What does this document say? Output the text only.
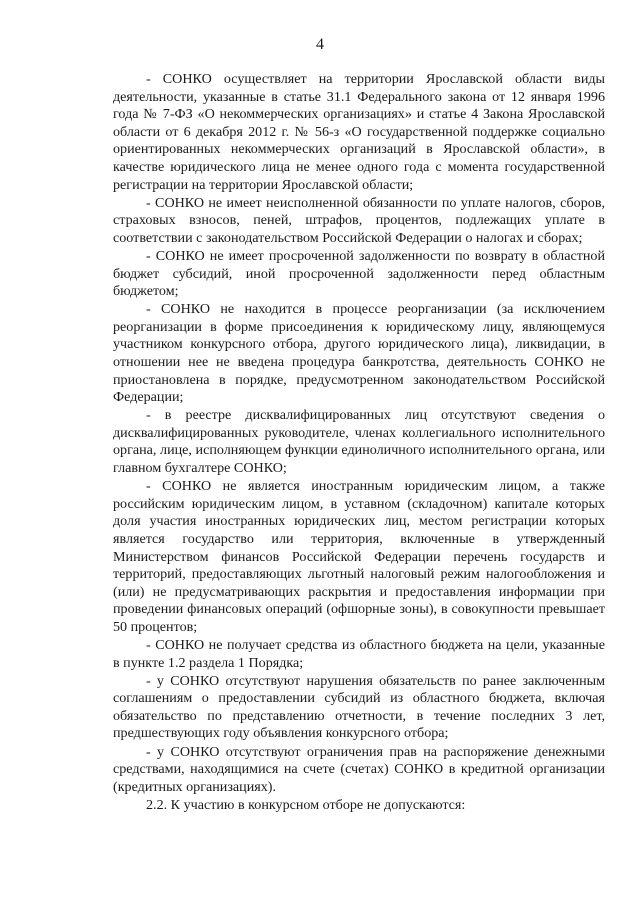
4

- СОНКО осуществляет на территории Ярославской области виды деятельности, указанные в статье 31.1 Федерального закона от 12 января 1996 года № 7-ФЗ «О некоммерческих организациях» и статье 4 Закона Ярославской области от 6 декабря 2012 г. № 56-з «О государственной поддержке социально ориентированных некоммерческих организаций в Ярославской области», в качестве юридического лица не менее одного года с момента государственной регистрации на территории Ярославской области;

- СОНКО не имеет неисполненной обязанности по уплате налогов, сборов, страховых взносов, пеней, штрафов, процентов, подлежащих уплате в соответствии с законодательством Российской Федерации о налогах и сборах;

- СОНКО не имеет просроченной задолженности по возврату в областной бюджет субсидий, иной просроченной задолженности перед областным бюджетом;

- СОНКО не находится в процессе реорганизации (за исключением реорганизации в форме присоединения к юридическому лицу, являющемуся участником конкурсного отбора, другого юридического лица), ликвидации, в отношении нее не введена процедура банкротства, деятельность СОНКО не приостановлена в порядке, предусмотренном законодательством Российской Федерации;

- в реестре дисквалифицированных лиц отсутствуют сведения о дисквалифицированных руководителе, членах коллегиального исполнительного органа, лице, исполняющем функции единоличного исполнительного органа, или главном бухгалтере СОНКО;

- СОНКО не является иностранным юридическим лицом, а также российским юридическим лицом, в уставном (складочном) капитале которых доля участия иностранных юридических лиц, местом регистрации которых является государство или территория, включенные в утвержденный Министерством финансов Российской Федерации перечень государств и территорий, предоставляющих льготный налоговый режим налогообложения и (или) не предусматривающих раскрытия и предоставления информации при проведении финансовых операций (офшорные зоны), в совокупности превышает 50 процентов;

- СОНКО не получает средства из областного бюджета на цели, указанные в пункте 1.2 раздела 1 Порядка;

- у СОНКО отсутствуют нарушения обязательств по ранее заключенным соглашениям о предоставлении субсидий из областного бюджета, включая обязательство по представлению отчетности, в течение последних 3 лет, предшествующих году объявления конкурсного отбора;

- у СОНКО отсутствуют ограничения прав на распоряжение денежными средствами, находящимися на счете (счетах) СОНКО в кредитной организации (кредитных организациях).

2.2. К участию в конкурсном отборе не допускаются:
